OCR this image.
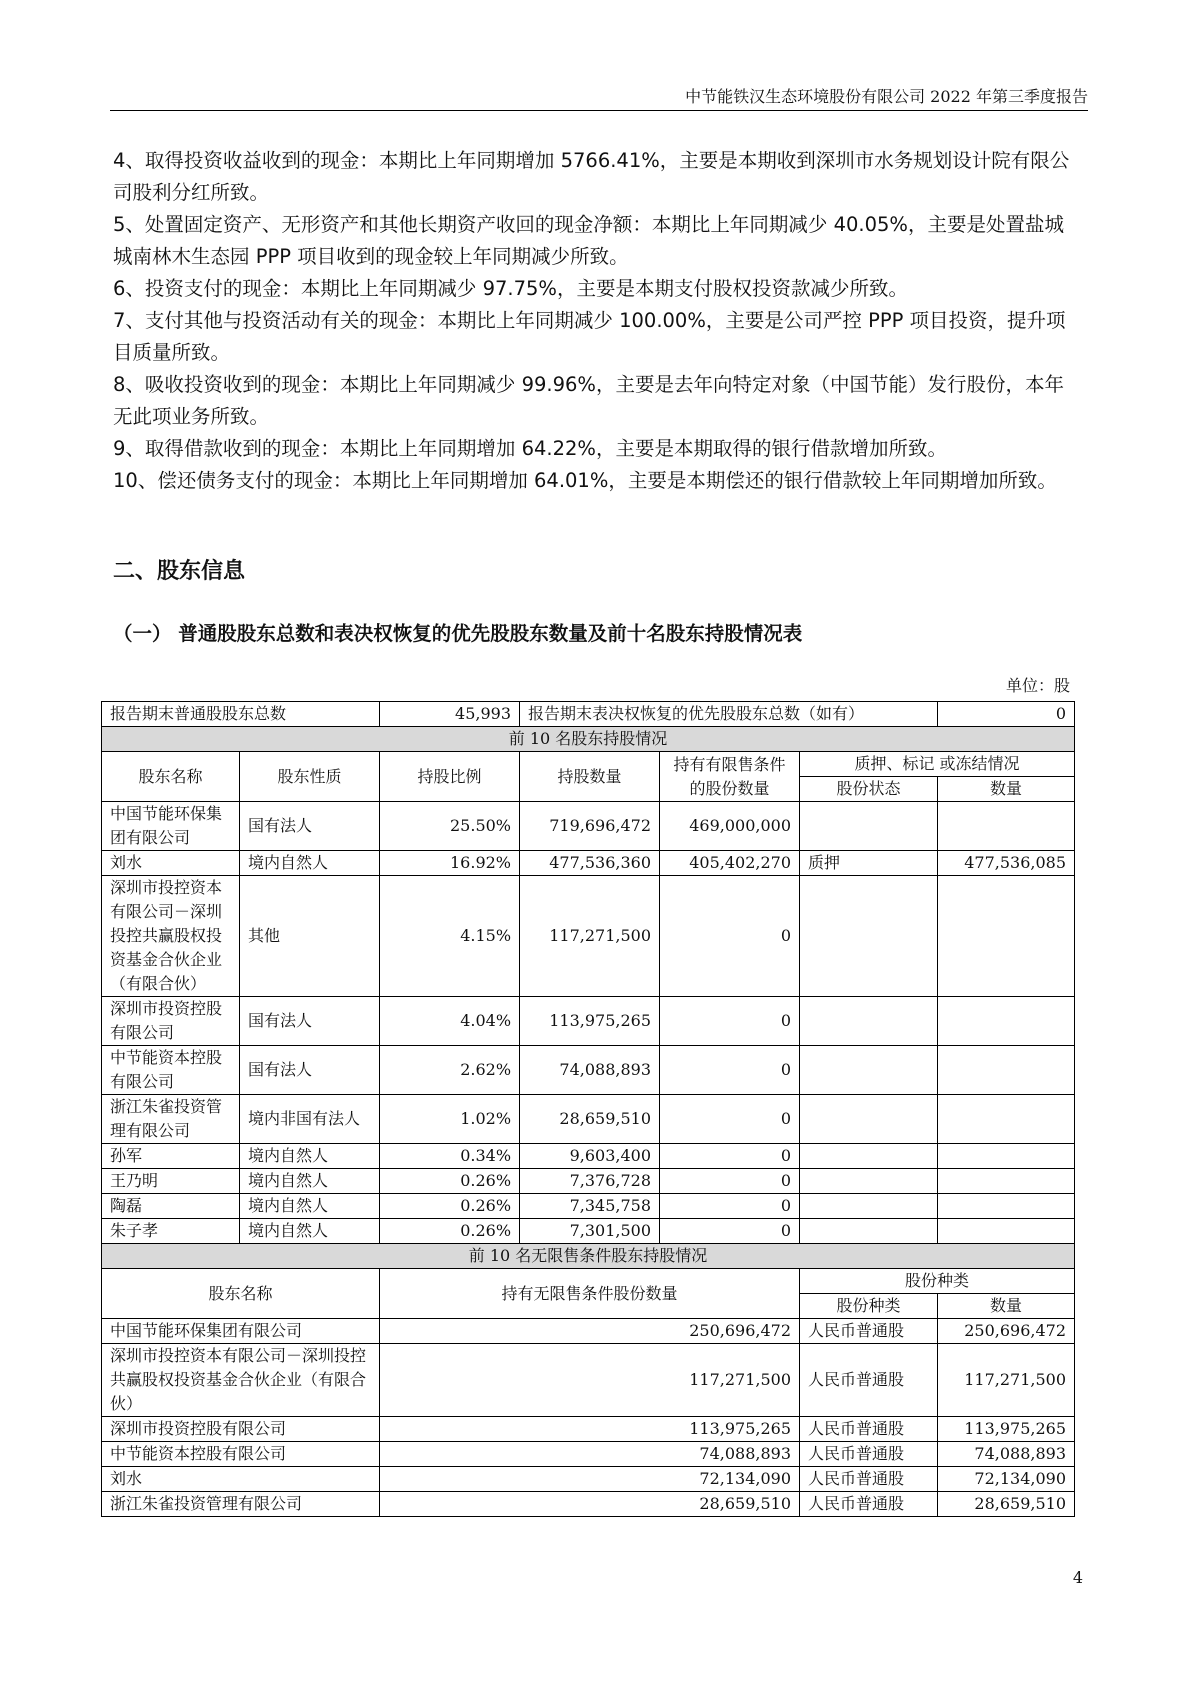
中节能铁汉生态环境股份有限公司 2022 年第三季度报告

4、取得投资收益收到的现金：本期比上年同期增加 5766.41%，主要是本期收到深圳市水务规划设计院有限公司股利分红所致。

5、处置固定资产、无形资产和其他长期资产收回的现金净额：本期比上年同期减少 40.05%，主要是处置盐城城南林木生态园 PPP 项目收到的现金较上年同期减少所致。

6、投资支付的现金：本期比上年同期减少 97.75%，主要是本期支付股权投资款减少所致。

7、支付其他与投资活动有关的现金：本期比上年同期减少 100.00%，主要是公司严控 PPP 项目投资，提升项目质量所致。

8、吸收投资收到的现金：本期比上年同期减少 99.96%，主要是去年向特定对象（中国节能）发行股份，本年无此项业务所致。

9、取得借款收到的现金：本期比上年同期增加 64.22%，主要是本期取得的银行借款增加所致。

10、偿还债务支付的现金：本期比上年同期增加 64.01%，主要是本期偿还的银行借款较上年同期增加所致。

二、股东信息
（一） 普通股股东总数和表决权恢复的优先股股东数量及前十名股东持股情况表
单位：股
报告期末普通股股东总数		45,993	报告期末表决权恢复的优先股股东总数（如有）			0
前 10 名股东持股情况						
股东名称	股东性质	持股比例	持股数量	持有有限售条件的股份数量	质押、标记 或冻结情况	
					股份状态	数量
中国节能环保集团有限公司	国有法人	25.50%	719,696,472	469,000,000		
刘水	境内自然人	16.92%	477,536,360	405,402,270	质押	477,536,085
深圳市投控资本有限公司－深圳投控共赢股权投资基金合伙企业（有限合伙）	其他	4.15%	117,271,500	0		
深圳市投资控股有限公司	国有法人	4.04%	113,975,265	0		
中节能资本控股有限公司	国有法人	2.62%	74,088,893	0		
浙江朱雀投资管理有限公司	境内非国有法人	1.02%	28,659,510	0		
孙军	境内自然人	0.34%	9,603,400	0		
王乃明	境内自然人	0.26%	7,376,728	0		
陶磊	境内自然人	0.26%	7,345,758	0		
朱子孝	境内自然人	0.26%	7,301,500	0		
前 10 名无限售条件股东持股情况						
股东名称		持有无限售条件股份数量			股份种类	
					股份种类	数量
中国节能环保集团有限公司		250,696,472			人民币普通股	250,696,472
深圳市投控资本有限公司－深圳投控共赢股权投资基金合伙企业（有限合伙）		117,271,500			人民币普通股	117,271,500
深圳市投资控股有限公司		113,975,265			人民币普通股	113,975,265
中节能资本控股有限公司		74,088,893			人民币普通股	74,088,893
刘水		72,134,090			人民币普通股	72,134,090
浙江朱雀投资管理有限公司		28,659,510			人民币普通股	28,659,510
4
